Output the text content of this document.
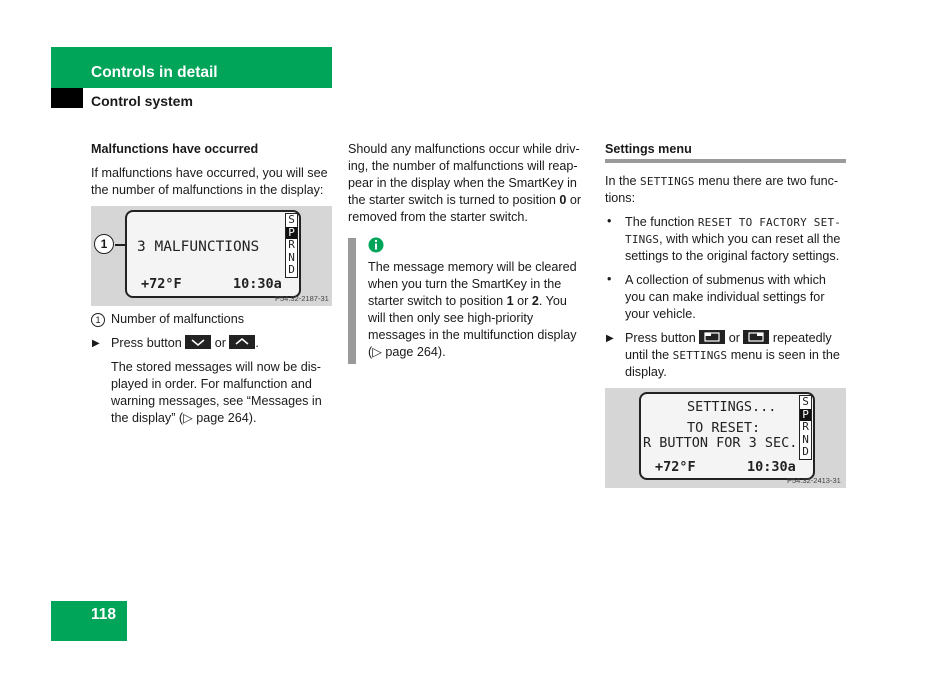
Controls in detail
Control system
Malfunctions have occurred
If malfunctions have occurred, you will see
the number of malfunctions in the display:
1	3 MALFUNCTIONS
+72°F	10:30a
S
P
R
N
D
P54.32-2187-31
1 Number of malfunctions
▶ Press button	or .
The stored messages will now be dis-
played in order. For malfunction and
warning messages, see “Messages in
the display” (▷ page 264).
Should any malfunctions occur while driv-
ing, the number of malfunctions will reap-
pear in the display when the SmartKey in
the starter switch is turned to position 0 or
removed from the starter switch.
The message memory will be cleared
when you turn the SmartKey in the
starter switch to position 1 or 2. You
will then only see high-priority
messages in the multifunction display
(▷ page 264).
Settings menu
In the SETTINGS menu there are two func-
tions:
• The function RESET TO FACTORY SET-
TINGS, with which you can reset all the
settings to the original factory settings.
• A collection of submenus with which
you can make individual settings for
your vehicle.
▶ Press button	or	repeatedly
until the SETTINGS menu is seen in the
display.
SETTINGS...
TO RESET:
R BUTTON FOR 3 SEC.
+72°F	10:30a
S
P
R
N
D
P54.32-2413-31
118
